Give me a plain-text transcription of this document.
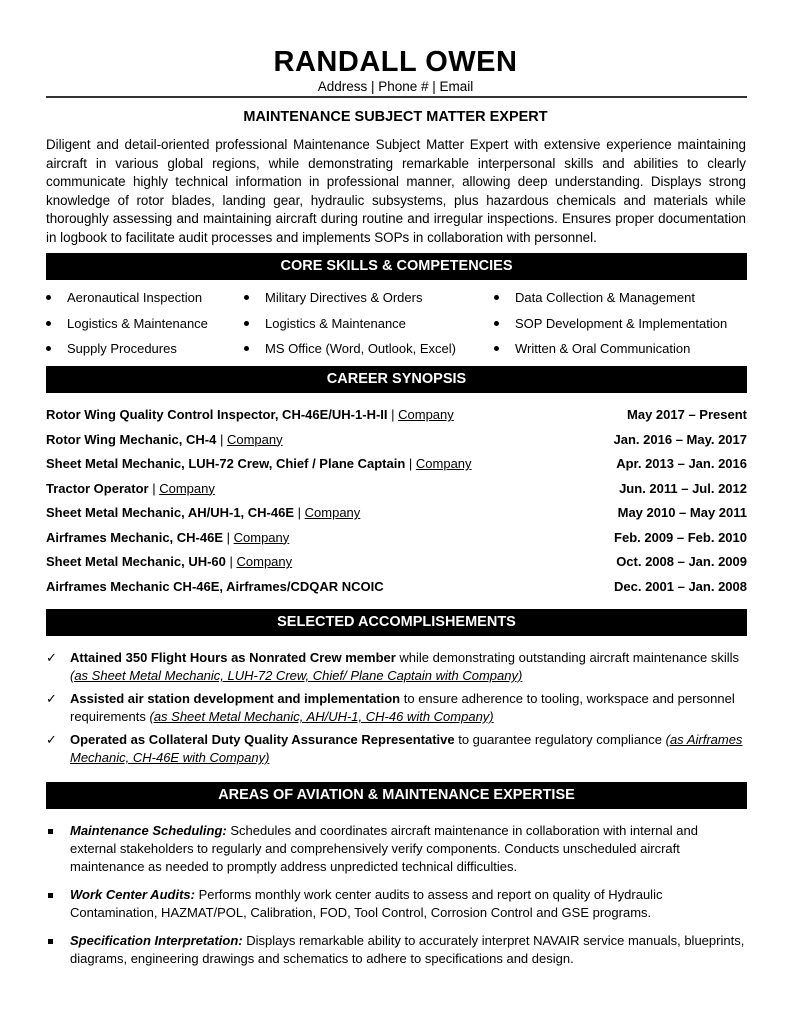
RANDALL OWEN
Address | Phone # | Email
MAINTENANCE SUBJECT MATTER EXPERT
Diligent and detail-oriented professional Maintenance Subject Matter Expert with extensive experience maintaining aircraft in various global regions, while demonstrating remarkable interpersonal skills and abilities to clearly communicate highly technical information in professional manner, allowing deep understanding. Displays strong knowledge of rotor blades, landing gear, hydraulic subsystems, plus hazardous chemicals and materials while thoroughly assessing and maintaining aircraft during routine and irregular inspections. Ensures proper documentation in logbook to facilitate audit processes and implements SOPs in collaboration with personnel.
CORE SKILLS & COMPETENCIES
Aeronautical Inspection
Logistics & Maintenance
Supply Procedures
Military Directives & Orders
Logistics & Maintenance
MS Office (Word, Outlook, Excel)
Data Collection & Management
SOP Development & Implementation
Written & Oral Communication
CAREER SYNOPSIS
Rotor Wing Quality Control Inspector, CH-46E/UH-1-H-II | Company	May 2017 – Present
Rotor Wing Mechanic, CH-4 | Company	Jan. 2016 – May. 2017
Sheet Metal Mechanic, LUH-72 Crew, Chief / Plane Captain | Company	Apr. 2013 – Jan. 2016
Tractor Operator | Company	Jun. 2011 – Jul. 2012
Sheet Metal Mechanic, AH/UH-1, CH-46E | Company	May 2010 – May 2011
Airframes Mechanic, CH-46E | Company	Feb. 2009 – Feb. 2010
Sheet Metal Mechanic, UH-60 | Company	Oct. 2008 – Jan. 2009
Airframes Mechanic CH-46E, Airframes/CDQAR NCOIC	Dec. 2001 – Jan. 2008
SELECTED ACCOMPLISHEMENTS
✓ Attained 350 Flight Hours as Nonrated Crew member while demonstrating outstanding aircraft maintenance skills (as Sheet Metal Mechanic, LUH-72 Crew, Chief/ Plane Captain with Company)
✓ Assisted air station development and implementation to ensure adherence to tooling, workspace and personnel requirements (as Sheet Metal Mechanic, AH/UH-1, CH-46 with Company)
✓ Operated as Collateral Duty Quality Assurance Representative to guarantee regulatory compliance (as Airframes Mechanic, CH-46E with Company)
AREAS OF AVIATION & MAINTENANCE EXPERTISE
Maintenance Scheduling: Schedules and coordinates aircraft maintenance in collaboration with internal and external stakeholders to regularly and comprehensively verify components. Conducts unscheduled aircraft maintenance as needed to promptly address unpredicted technical difficulties.
Work Center Audits: Performs monthly work center audits to assess and report on quality of Hydraulic Contamination, HAZMAT/POL, Calibration, FOD, Tool Control, Corrosion Control and GSE programs.
Specification Interpretation: Displays remarkable ability to accurately interpret NAVAIR service manuals, blueprints, diagrams, engineering drawings and schematics to adhere to specifications and design.
